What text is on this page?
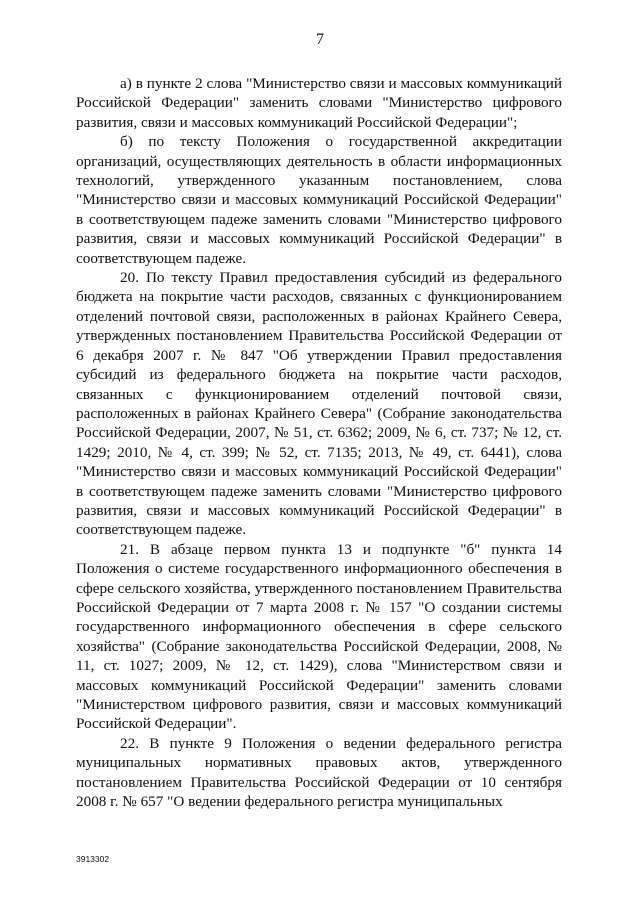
7

а) в пункте 2 слова "Министерство связи и массовых коммуникаций Российской Федерации" заменить словами "Министерство цифрового развития, связи и массовых коммуникаций Российской Федерации";

б) по тексту Положения о государственной аккредитации организаций, осуществляющих деятельность в области информационных технологий, утвержденного указанным постановлением, слова "Министерство связи и массовых коммуникаций Российской Федерации" в соответствующем падеже заменить словами "Министерство цифрового развития, связи и массовых коммуникаций Российской Федерации" в соответствующем падеже.

20. По тексту Правил предоставления субсидий из федерального бюджета на покрытие части расходов, связанных с функционированием отделений почтовой связи, расположенных в районах Крайнего Севера, утвержденных постановлением Правительства Российской Федерации от 6 декабря 2007 г. № 847 "Об утверждении Правил предоставления субсидий из федерального бюджета на покрытие части расходов, связанных с функционированием отделений почтовой связи, расположенных в районах Крайнего Севера" (Собрание законодательства Российской Федерации, 2007, № 51, ст. 6362; 2009, № 6, ст. 737; № 12, ст. 1429; 2010, № 4, ст. 399; № 52, ст. 7135; 2013, № 49, ст. 6441), слова "Министерство связи и массовых коммуникаций Российской Федерации" в соответствующем падеже заменить словами "Министерство цифрового развития, связи и массовых коммуникаций Российской Федерации" в соответствующем падеже.

21. В абзаце первом пункта 13 и подпункте "б" пункта 14 Положения о системе государственного информационного обеспечения в сфере сельского хозяйства, утвержденного постановлением Правительства Российской Федерации от 7 марта 2008 г. № 157 "О создании системы государственного информационного обеспечения в сфере сельского хозяйства" (Собрание законодательства Российской Федерации, 2008, № 11, ст. 1027; 2009, № 12, ст. 1429), слова "Министерством связи и массовых коммуникаций Российской Федерации" заменить словами "Министерством цифрового развития, связи и массовых коммуникаций Российской Федерации".

22. В пункте 9 Положения о ведении федерального регистра муниципальных нормативных правовых актов, утвержденного постановлением Правительства Российской Федерации от 10 сентября 2008 г. № 657 "О ведении федерального регистра муниципальных

3913302
